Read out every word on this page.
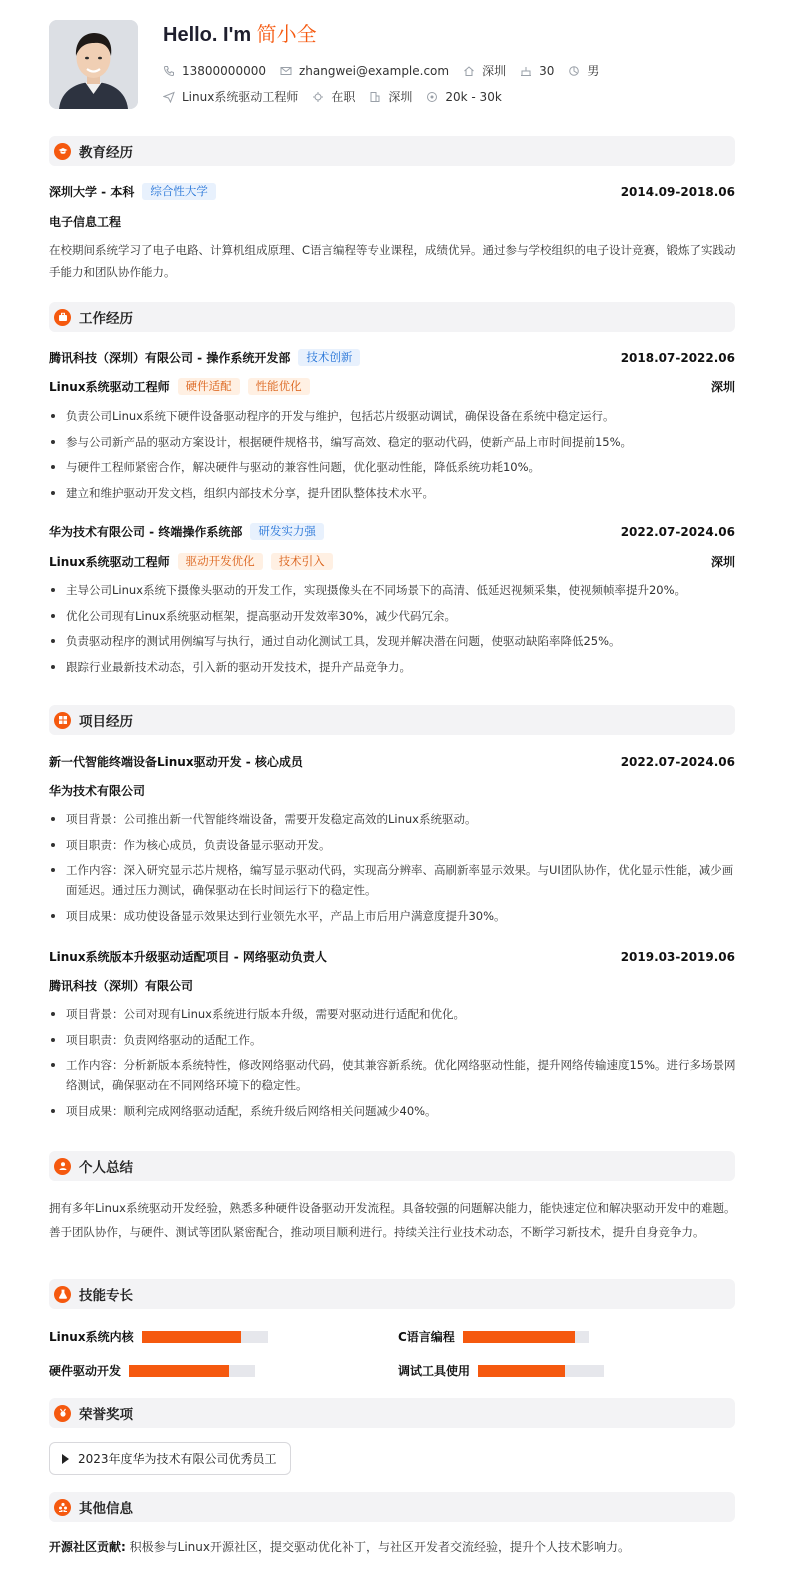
Hello. I'm 简小全
13800000000	zhangwei@example.com	深圳	30	男
Linux系统驱动工程师	在职	深圳	20k - 30k
教育经历
深圳大学 - 本科	综合性大学	2014.09-2018.06
电子信息工程
在校期间系统学习了电子电路、计算机组成原理、C语言编程等专业课程，成绩优异。通过参与学校组织的电子设计竞赛，锻炼了实践动手能力和团队协作能力。
工作经历
腾讯科技（深圳）有限公司 - 操作系统开发部	技术创新	2018.07-2022.06
Linux系统驱动工程师	硬件适配	性能优化	深圳
负责公司Linux系统下硬件设备驱动程序的开发与维护，包括芯片级驱动调试，确保设备在系统中稳定运行。
参与公司新产品的驱动方案设计，根据硬件规格书，编写高效、稳定的驱动代码，使新产品上市时间提前15%。
与硬件工程师紧密合作，解决硬件与驱动的兼容性问题，优化驱动性能，降低系统功耗10%。
建立和维护驱动开发文档，组织内部技术分享，提升团队整体技术水平。
华为技术有限公司 - 终端操作系统部	研发实力强	2022.07-2024.06
Linux系统驱动工程师	驱动开发优化	技术引入	深圳
主导公司Linux系统下摄像头驱动的开发工作，实现摄像头在不同场景下的高清、低延迟视频采集，使视频帧率提升20%。
优化公司现有Linux系统驱动框架，提高驱动开发效率30%，减少代码冗余。
负责驱动程序的测试用例编写与执行，通过自动化测试工具，发现并解决潜在问题，使驱动缺陷率降低25%。
跟踪行业最新技术动态，引入新的驱动开发技术，提升产品竞争力。
项目经历
新一代智能终端设备Linux驱动开发 - 核心成员	2022.07-2024.06
华为技术有限公司
项目背景：公司推出新一代智能终端设备，需要开发稳定高效的Linux系统驱动。
项目职责：作为核心成员，负责设备显示驱动开发。
工作内容：深入研究显示芯片规格，编写显示驱动代码，实现高分辨率、高刷新率显示效果。与UI团队协作，优化显示性能，减少画面延迟。通过压力测试，确保驱动在长时间运行下的稳定性。
项目成果：成功使设备显示效果达到行业领先水平，产品上市后用户满意度提升30%。
Linux系统版本升级驱动适配项目 - 网络驱动负责人	2019.03-2019.06
腾讯科技（深圳）有限公司
项目背景：公司对现有Linux系统进行版本升级，需要对驱动进行适配和优化。
项目职责：负责网络驱动的适配工作。
工作内容：分析新版本系统特性，修改网络驱动代码，使其兼容新系统。优化网络驱动性能，提升网络传输速度15%。进行多场景网络测试，确保驱动在不同网络环境下的稳定性。
项目成果：顺利完成网络驱动适配，系统升级后网络相关问题减少40%。
个人总结
拥有多年Linux系统驱动开发经验，熟悉多种硬件设备驱动开发流程。具备较强的问题解决能力，能快速定位和解决驱动开发中的难题。善于团队协作，与硬件、测试等团队紧密配合，推动项目顺利进行。持续关注行业技术动态，不断学习新技术，提升自身竞争力。
技能专长
Linux系统内核	C语言编程
硬件驱动开发	调试工具使用
荣誉奖项
2023年度华为技术有限公司优秀员工
其他信息
开源社区贡献: 积极参与Linux开源社区，提交驱动优化补丁，与社区开发者交流经验，提升个人技术影响力。
